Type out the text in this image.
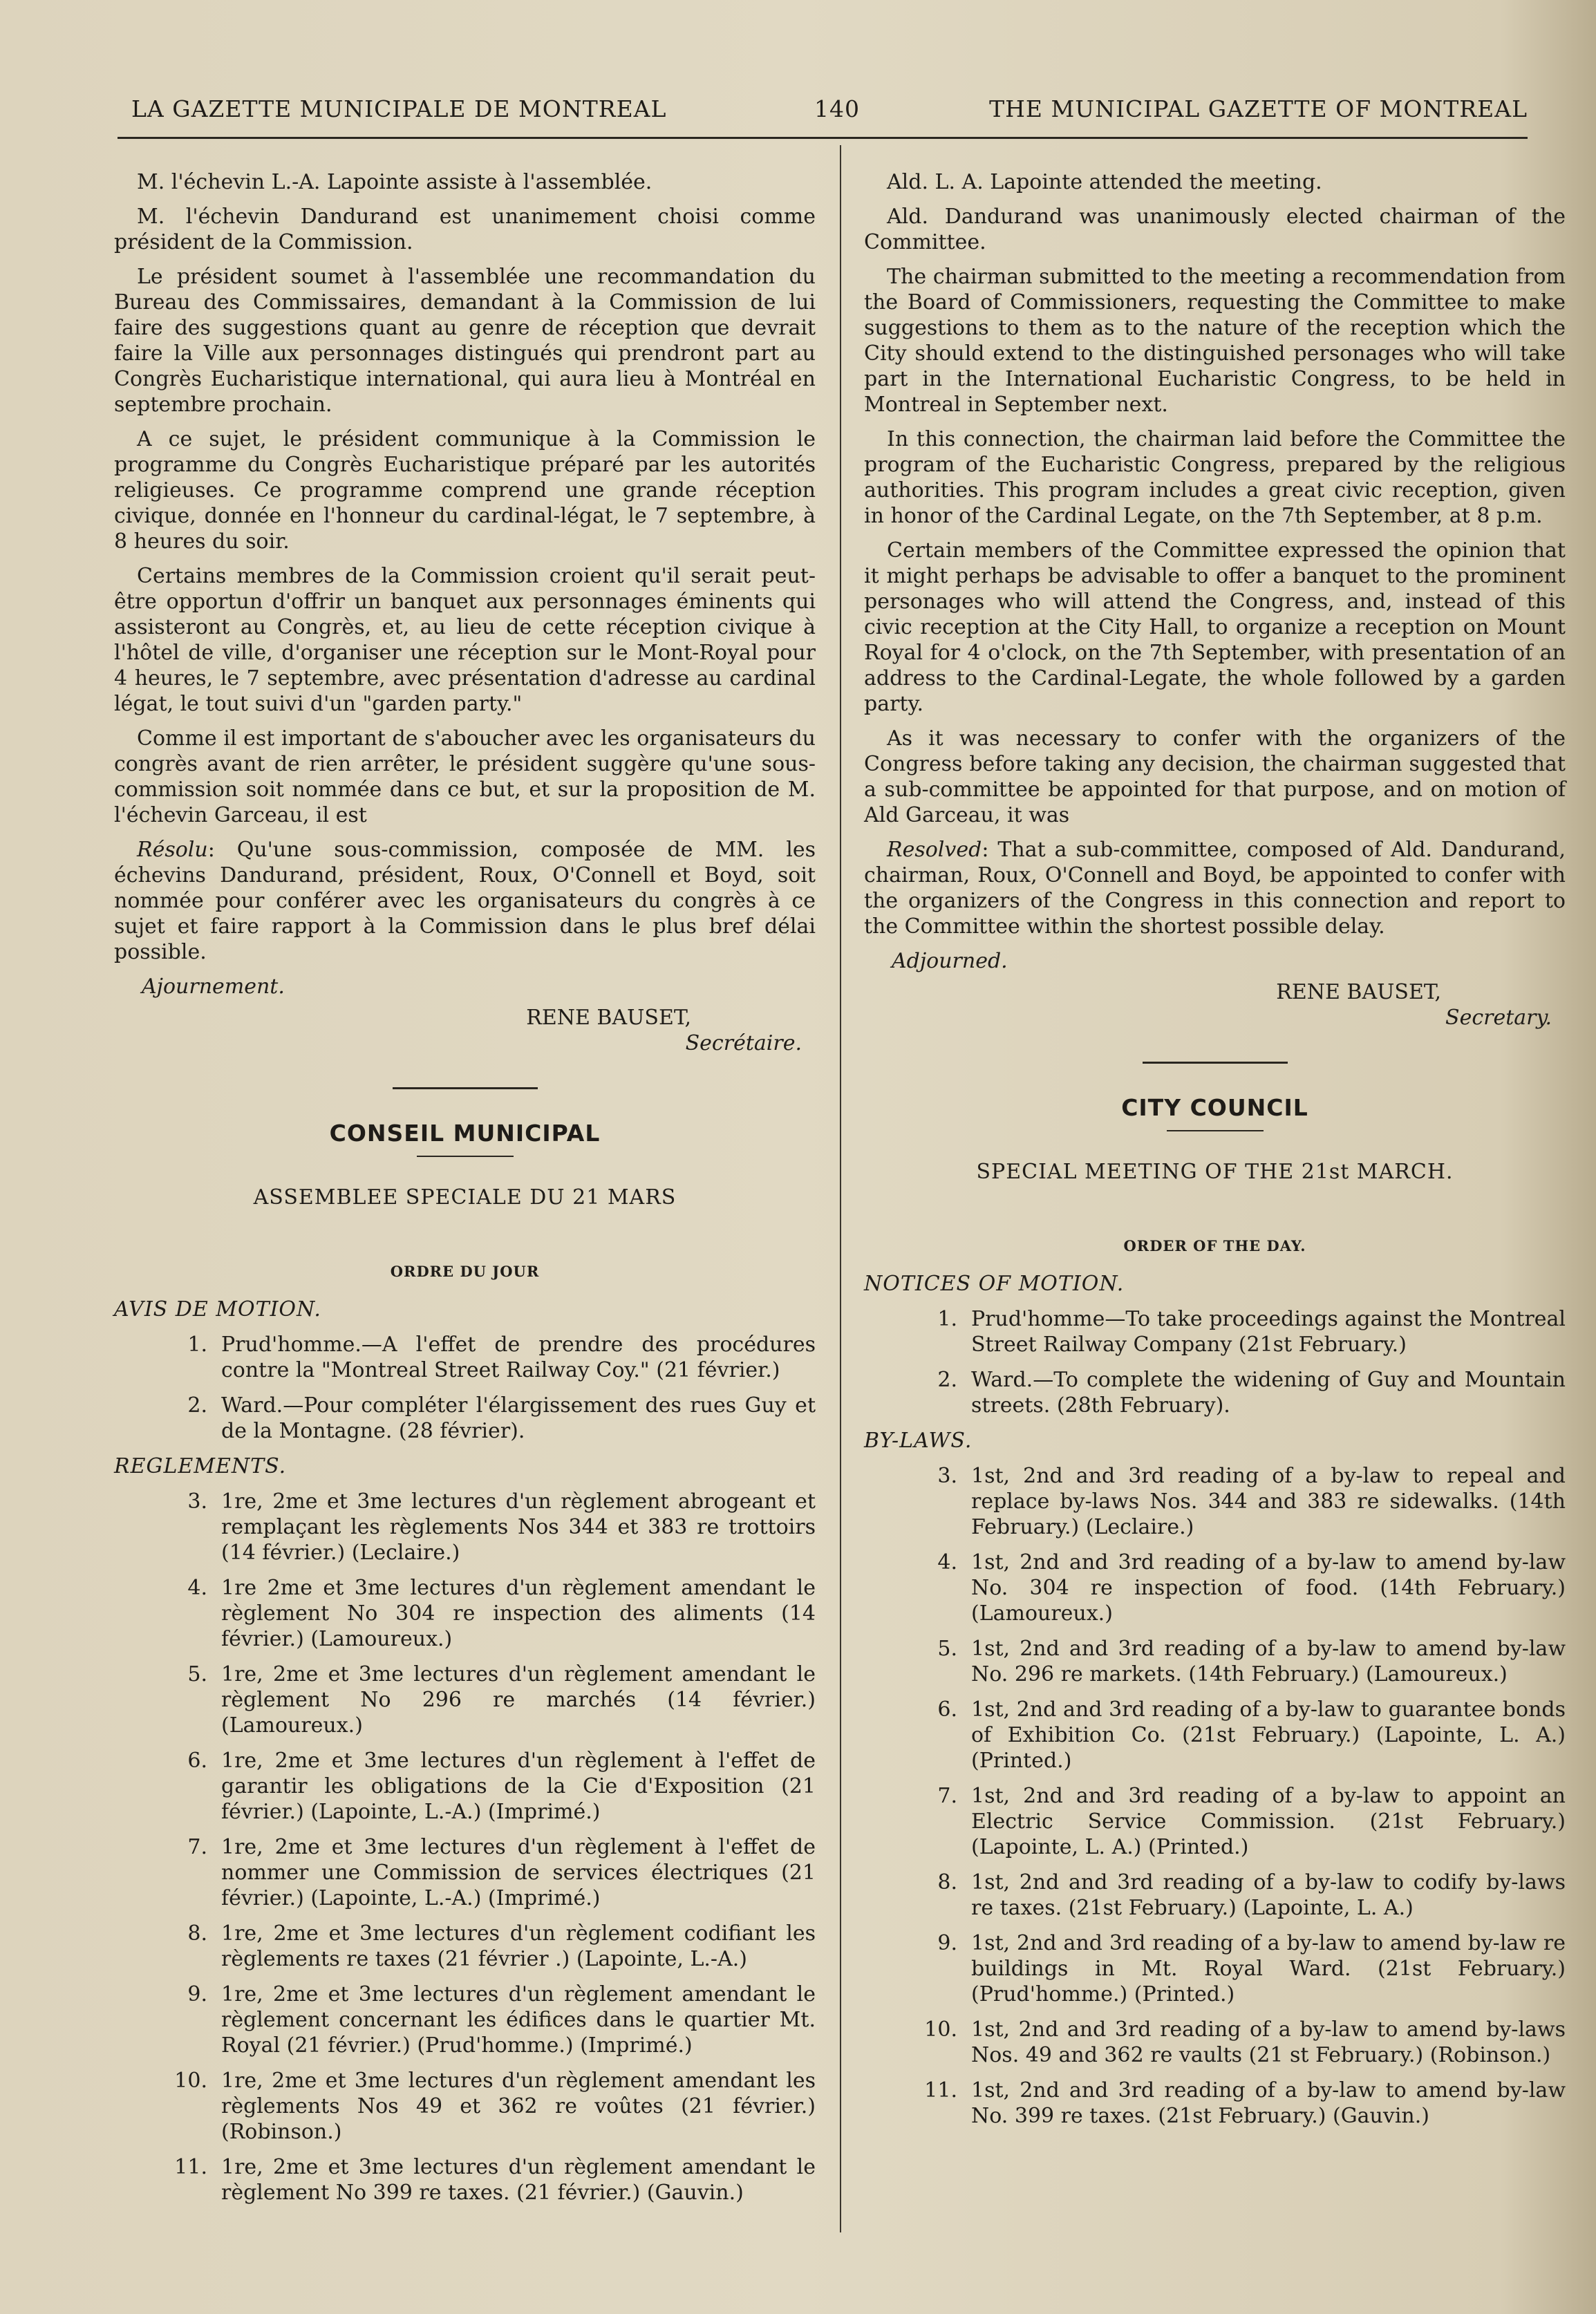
LA GAZETTE MUNICIPALE DE MONTREAL	140	THE MUNICIPAL GAZETTE OF MONTREAL

M. l'échevin L.-A. Lapointe assiste à l'assemblée.

M. l'échevin Dandurand est unanimement choisi comme président de la Commission.

Le président soumet à l'assemblée une recommandation du Bureau des Commissaires, demandant à la Commission de lui faire des suggestions quant au genre de réception que devrait faire la Ville aux personnages distingués qui prendront part au Congrès Eucharistique international, qui aura lieu à Montréal en septembre prochain.

A ce sujet, le président communique à la Commission le programme du Congrès Eucharistique préparé par les autorités religieuses. Ce programme comprend une grande réception civique, donnée en l'honneur du cardinal-légat, le 7 septembre, à 8 heures du soir.

Certains membres de la Commission croient qu'il serait peut-être opportun d'offrir un banquet aux personnages éminents qui assisteront au Congrès, et, au lieu de cette réception civique à l'hôtel de ville, d'organiser une réception sur le Mont-Royal pour 4 heures, le 7 septembre, avec présentation d'adresse au cardinal légat, le tout suivi d'un "garden party."

Comme il est important de s'aboucher avec les organisateurs du congrès avant de rien arrêter, le président suggère qu'une sous-commission soit nommée dans ce but, et sur la proposition de M. l'échevin Garceau, il est

Résolu: Qu'une sous-commission, composée de MM. les échevins Dandurand, président, Roux, O'Connell et Boyd, soit nommée pour conférer avec les organisateurs du congrès à ce sujet et faire rapport à la Commission dans le plus bref délai possible.

Ajournement.

RENE BAUSET,

Secrétaire.

CONSEIL MUNICIPAL
ASSEMBLEE SPECIALE DU 21 MARS
ORDRE DU JOUR
AVIS DE MOTION.
1. Prud'homme.—A l'effet de prendre des procédures contre la "Montreal Street Railway Coy." (21 février.)
2. Ward.—Pour compléter l'élargissement des rues Guy et de la Montagne. (28 février).
REGLEMENTS.
3. 1re, 2me et 3me lectures d'un règlement abrogeant et remplaçant les règlements Nos 344 et 383 re trottoirs (14 février.) (Leclaire.)
4. 1re 2me et 3me lectures d'un règlement amendant le règlement No 304 re inspection des aliments (14 février.) (Lamoureux.)
5. 1re, 2me et 3me lectures d'un règlement amendant le règlement No 296 re marchés (14 février.) (Lamoureux.)
6. 1re, 2me et 3me lectures d'un règlement à l'effet de garantir les obligations de la Cie d'Exposition (21 février.) (Lapointe, L.-A.) (Imprimé.)
7. 1re, 2me et 3me lectures d'un règlement à l'effet de nommer une Commission de services électriques (21 février.) (Lapointe, L.-A.) (Imprimé.)
8. 1re, 2me et 3me lectures d'un règlement codifiant les règlements re taxes (21 février .) (Lapointe, L.-A.)
9. 1re, 2me et 3me lectures d'un règlement amendant le règlement concernant les édifices dans le quartier Mt. Royal (21 février.) (Prud'homme.) (Imprimé.)
10. 1re, 2me et 3me lectures d'un règlement amendant les règlements Nos 49 et 362 re voûtes (21 février.) (Robinson.)
11. 1re, 2me et 3me lectures d'un règlement amendant le règlement No 399 re taxes. (21 février.) (Gauvin.)

Ald. L. A. Lapointe attended the meeting.

Ald. Dandurand was unanimously elected chairman of the Committee.

The chairman submitted to the meeting a recommendation from the Board of Commissioners, requesting the Committee to make suggestions to them as to the nature of the reception which the City should extend to the distinguished personages who will take part in the International Eucharistic Congress, to be held in Montreal in September next.

In this connection, the chairman laid before the Committee the program of the Eucharistic Congress, prepared by the religious authorities. This program includes a great civic reception, given in honor of the Cardinal Legate, on the 7th September, at 8 p.m.

Certain members of the Committee expressed the opinion that it might perhaps be advisable to offer a banquet to the prominent personages who will attend the Congress, and, instead of this civic reception at the City Hall, to organize a reception on Mount Royal for 4 o'clock, on the 7th September, with presentation of an address to the Cardinal-Legate, the whole followed by a garden party.

As it was necessary to confer with the organizers of the Congress before taking any decision, the chairman suggested that a sub-committee be appointed for that purpose, and on motion of Ald Garceau, it was

Resolved: That a sub-committee, composed of Ald. Dandurand, chairman, Roux, O'Connell and Boyd, be appointed to confer with the organizers of the Congress in this connection and report to the Committee within the shortest possible delay.

Adjourned.

RENE BAUSET,

Secretary.

CITY COUNCIL
SPECIAL MEETING OF THE 21st MARCH.
ORDER OF THE DAY.
NOTICES OF MOTION.
1. Prud'homme—To take proceedings against the Montreal Street Railway Company (21st February.)
2. Ward.—To complete the widening of Guy and Mountain streets. (28th February).
BY-LAWS.
3. 1st, 2nd and 3rd reading of a by-law to repeal and replace by-laws Nos. 344 and 383 re sidewalks. (14th February.) (Leclaire.)
4. 1st, 2nd and 3rd reading of a by-law to amend by-law No. 304 re inspection of food. (14th February.) (Lamoureux.)
5. 1st, 2nd and 3rd reading of a by-law to amend by-law No. 296 re markets. (14th February.) (Lamoureux.)
6. 1st, 2nd and 3rd reading of a by-law to guarantee bonds of Exhibition Co. (21st February.) (Lapointe, L. A.) (Printed.)
7. 1st, 2nd and 3rd reading of a by-law to appoint an Electric Service Commission. (21st February.) (Lapointe, L. A.) (Printed.)
8. 1st, 2nd and 3rd reading of a by-law to codify by-laws re taxes. (21st February.) (Lapointe, L. A.)
9. 1st, 2nd and 3rd reading of a by-law to amend by-law re buildings in Mt. Royal Ward. (21st February.) (Prud'homme.) (Printed.)
10. 1st, 2nd and 3rd reading of a by-law to amend by-laws Nos. 49 and 362 re vaults (21 st February.) (Robinson.)
11. 1st, 2nd and 3rd reading of a by-law to amend by-law No. 399 re taxes. (21st February.) (Gauvin.)
